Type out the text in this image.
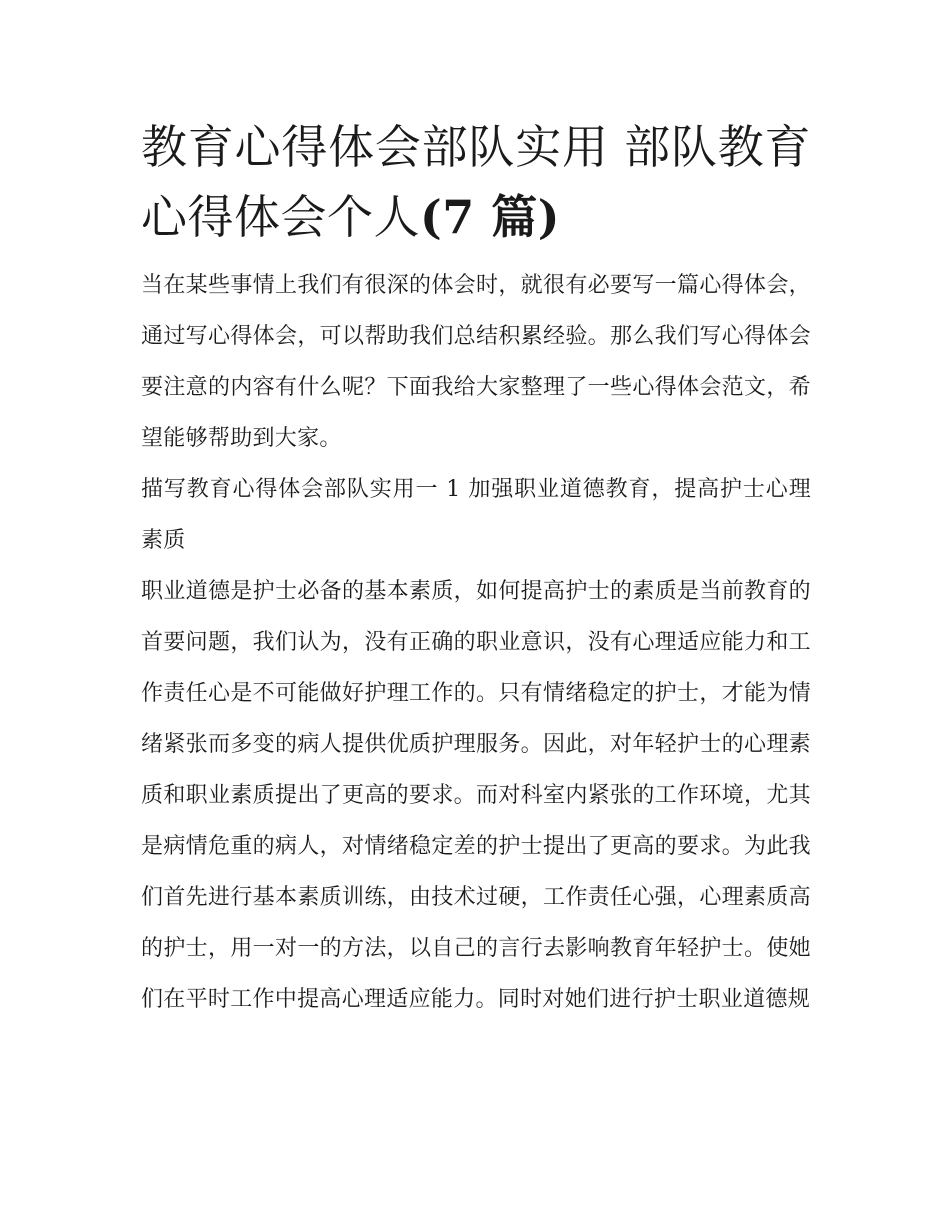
教育心得体会部队实用 部队教育心得体会个人(7 篇)

当在某些事情上我们有很深的体会时，就很有必要写一篇心得体会，通过写心得体会，可以帮助我们总结积累经验。那么我们写心得体会要注意的内容有什么呢？下面我给大家整理了一些心得体会范文，希望能够帮助到大家。

描写教育心得体会部队实用一 1 加强职业道德教育，提高护士心理素质

职业道德是护士必备的基本素质，如何提高护士的素质是当前教育的首要问题，我们认为，没有正确的职业意识，没有心理适应能力和工作责任心是不可能做好护理工作的。只有情绪稳定的护士，才能为情绪紧张而多变的病人提供优质护理服务。因此，对年轻护士的心理素质和职业素质提出了更高的要求。而对科室内紧张的工作环境，尤其是病情危重的病人，对情绪稳定差的护士提出了更高的要求。为此我们首先进行基本素质训练，由技术过硬，工作责任心强，心理素质高的护士，用一对一的方法，以自己的言行去影响教育年轻护士。使她们在平时工作中提高心理适应能力。同时对她们进行护士职业道德规
